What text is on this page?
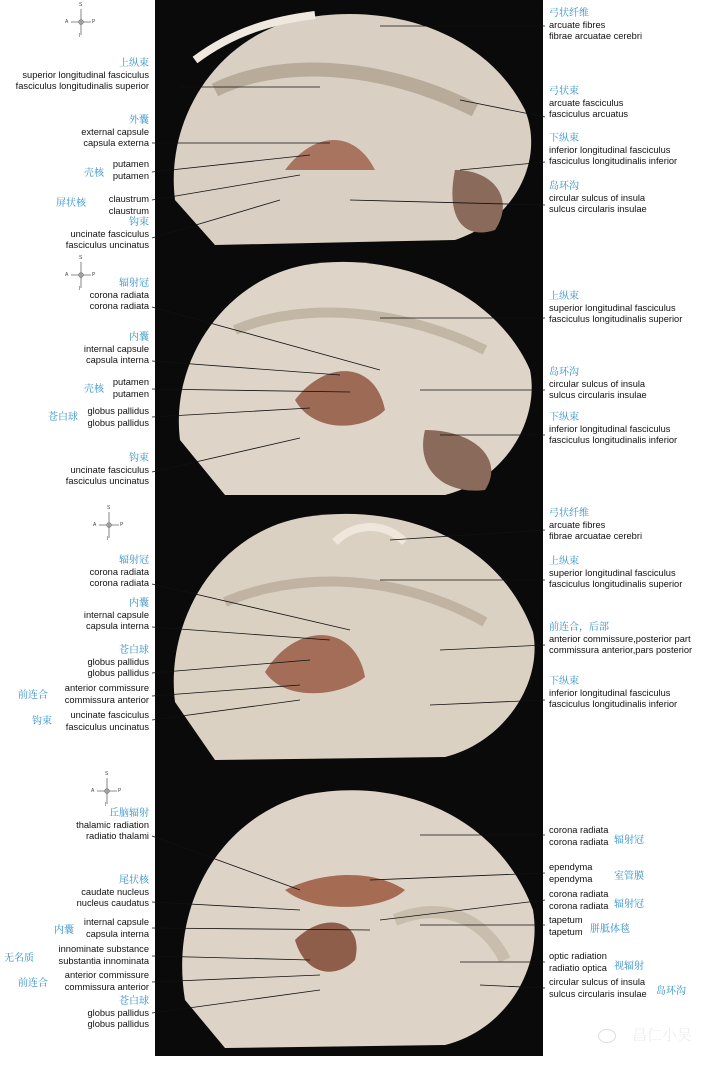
S
I
A	P
S
I
A	P
S
I
A	P
S
I
A	P
上纵束
superior longitudinal fasciculus
fasciculus longitudinalis superior
外囊
external capsule
capsula externa
壳核
putamen
putamen
屏状核 claustrum
claustrum
钩束
uncinate fasciculus
fasciculus uncinatus
弓状纤维
arcuate fibres
fibrae arcuatae cerebri
弓状束
arcuate fasciculus
fasciculus arcuatus
下纵束
inferior longitudinal fasciculus
fasciculus longitudinalis inferior
岛环沟
circular sulcus of insula
sulcus circularis insulae
辐射冠
corona radiata
corona radiata
内囊
internal capsule
capsula interna
壳核
putamen
putamen
苍白球
globus pallidus
globus pallidus
钩束
uncinate fasciculus
fasciculus uncinatus
上纵束
superior longitudinal fasciculus
fasciculus longitudinalis superior
岛环沟
circular sulcus of insula
sulcus circularis insulae
下纵束
inferior longitudinal fasciculus
fasciculus longitudinalis inferior
辐射冠
corona radiata
corona radiata
内囊
internal capsule
capsula interna
苍白球
globus pallidus
globus pallidus
前连合
anterior commissure
commissura anterior
钩束
uncinate fasciculus
fasciculus uncinatus
弓状纤维
arcuate fibres
fibrae arcuatae cerebri
上纵束
superior longitudinal fasciculus
fasciculus longitudinalis superior
前连合，后部
anterior commissure,posterior part
commissura anterior,pars posterior
下纵束
inferior longitudinal fasciculus
fasciculus longitudinalis inferior
丘脑辐射
thalamic radiation
radiatio thalami
尾状核
caudate nucleus
nucleus caudatus
内囊
internal capsule
capsula interna
无名质
innominate substance
substantia innominata
前连合
anterior commissure
commissura anterior
苍白球
globus pallidus
globus pallidus
corona radiata
corona radiata 辐射冠
ependyma
ependyma 室管膜
corona radiata
corona radiata 辐射冠
tapetum
tapetum 胼胝体毯
optic radiation
radiatio optica 视辐射
circular sulcus of insula
sulcus circularis insulae 岛环沟
昌仁小吴
